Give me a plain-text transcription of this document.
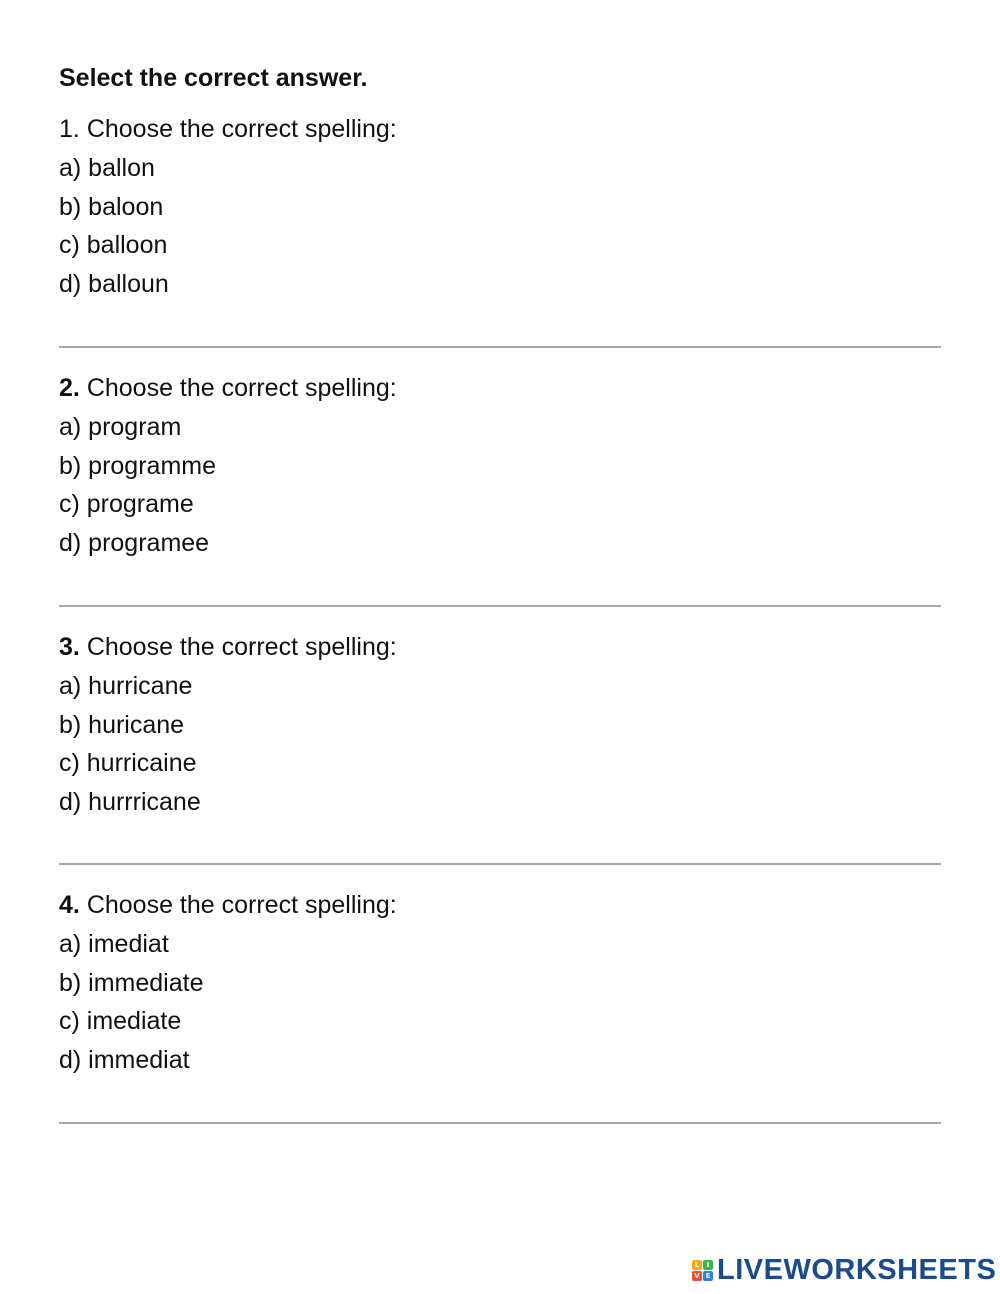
Select the correct answer.

1. Choose the correct spelling:
a) ballon
b) baloon
c) balloon
d) balloun
2. Choose the correct spelling:
a) program
b) programme
c) programe
d) programee
3. Choose the correct spelling:
a) hurricane
b) huricane
c) hurricaine
d) hurrricane
4. Choose the correct spelling:
a) imediat
b) immediate
c) imediate
d) immediat
L	I
V E LIVEWORKSHEETS
